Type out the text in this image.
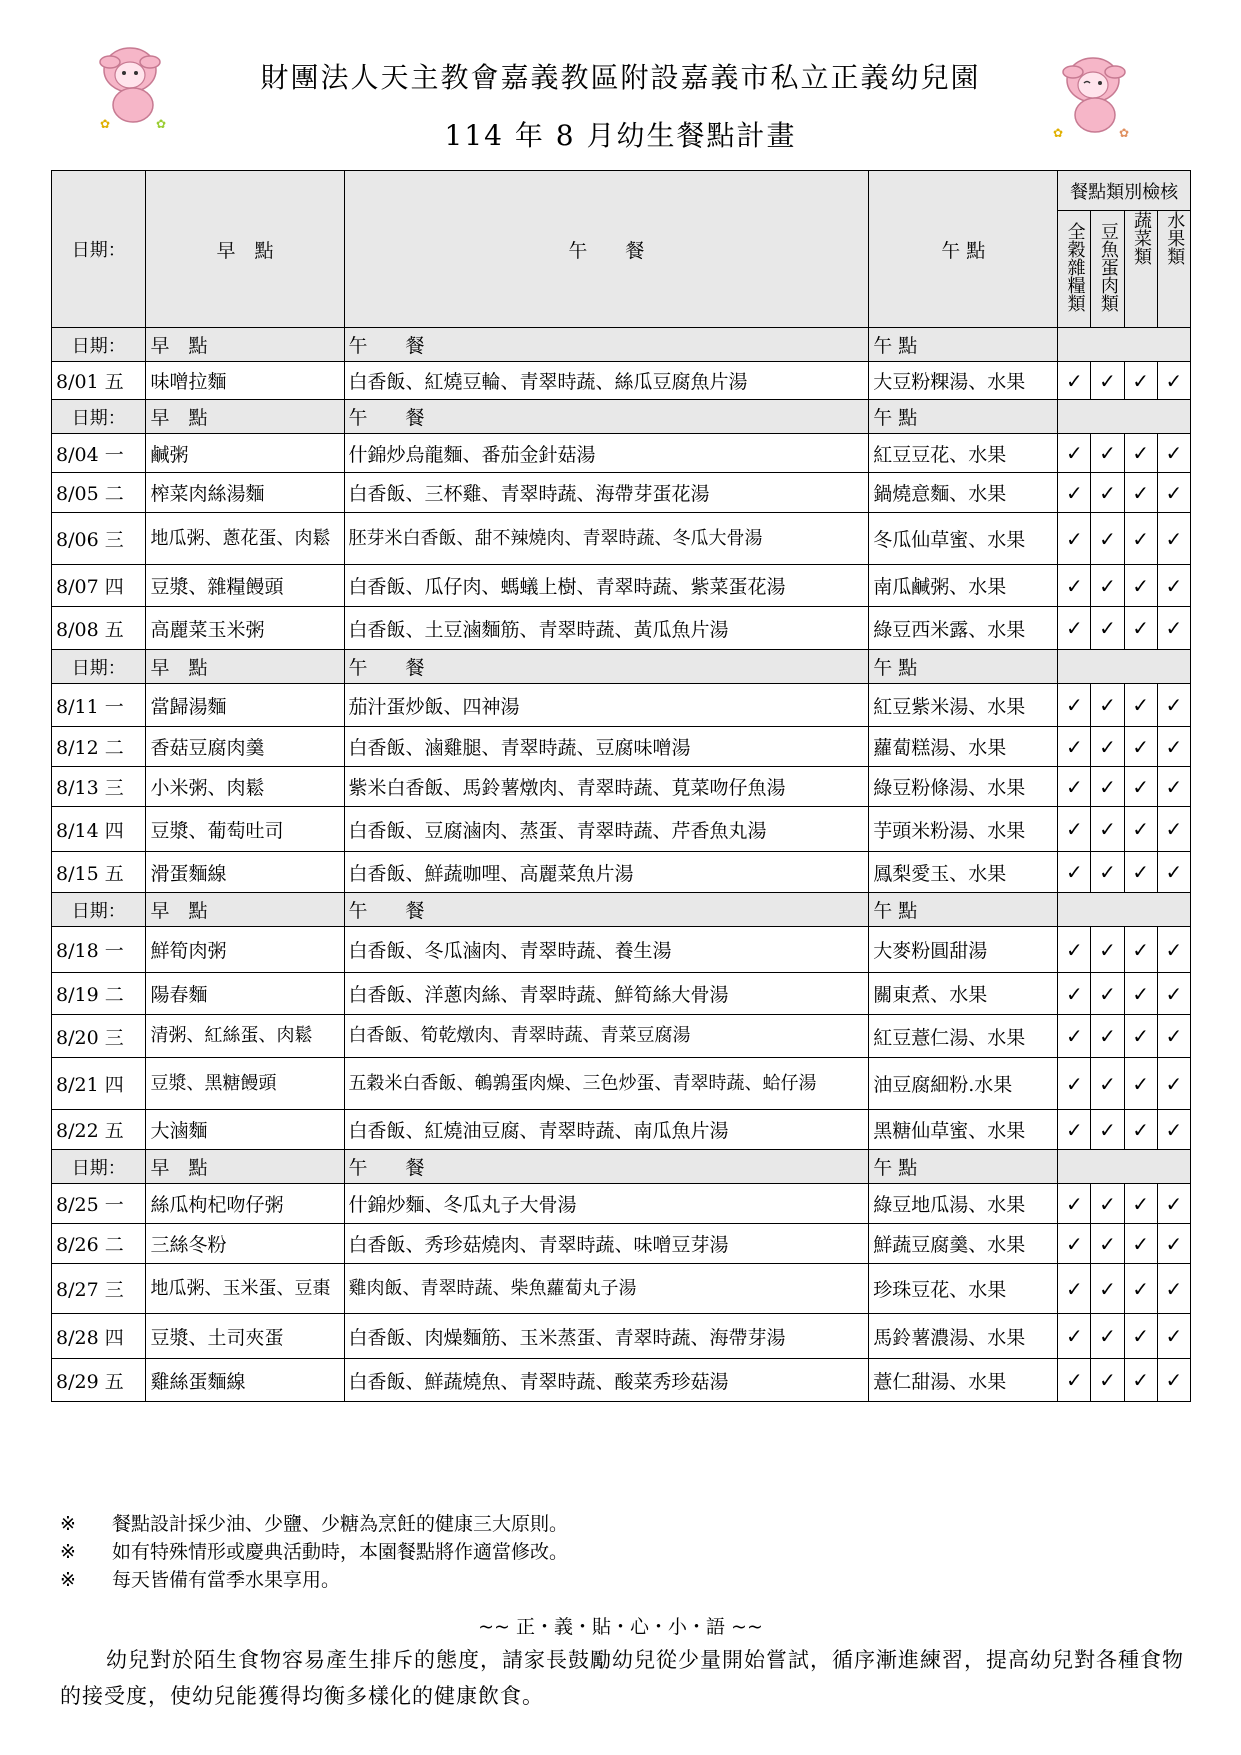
✿	✿
✿	✿
財團法人天主教會嘉義教區附設嘉義市私立正義幼兒園
114 年 8 月幼生餐點計畫
日期：	早　點	午　　餐	午 點	餐點類別檢核			
				全穀雜糧類	豆魚蛋肉類	蔬菜類	水果類
日期：	早　點	午　　餐	午 點				
8/01 五	味噌拉麵	白香飯、紅燒豆輪、青翠時蔬、絲瓜豆腐魚片湯	大豆粉粿湯、水果	✓	✓	✓	✓
日期：	早　點	午　　餐	午 點				
8/04 一	鹹粥	什錦炒烏龍麵、番茄金針菇湯	紅豆豆花、水果	✓	✓	✓	✓
8/05 二	榨菜肉絲湯麵	白香飯、三杯雞、青翠時蔬、海帶芽蛋花湯	鍋燒意麵、水果	✓	✓	✓	✓
8/06 三	地瓜粥、蔥花蛋、肉鬆	胚芽米白香飯、甜不辣燒肉、青翠時蔬、冬瓜大骨湯	冬瓜仙草蜜、水果	✓	✓	✓	✓
8/07 四	豆漿、雜糧饅頭	白香飯、瓜仔肉、螞蟻上樹、青翠時蔬、紫菜蛋花湯	南瓜鹹粥、水果	✓	✓	✓	✓
8/08 五	高麗菜玉米粥	白香飯、土豆滷麵筋、青翠時蔬、黃瓜魚片湯	綠豆西米露、水果	✓	✓	✓	✓
日期：	早　點	午　　餐	午 點				
8/11 一	當歸湯麵	茄汁蛋炒飯、四神湯	紅豆紫米湯、水果	✓	✓	✓	✓
8/12 二	香菇豆腐肉羹	白香飯、滷雞腿、青翠時蔬、豆腐味噌湯	蘿蔔糕湯、水果	✓	✓	✓	✓
8/13 三	小米粥、肉鬆	紫米白香飯、馬鈴薯燉肉、青翠時蔬、莧菜吻仔魚湯	綠豆粉條湯、水果	✓	✓	✓	✓
8/14 四	豆漿、葡萄吐司	白香飯、豆腐滷肉、蒸蛋、青翠時蔬、芹香魚丸湯	芋頭米粉湯、水果	✓	✓	✓	✓
8/15 五	滑蛋麵線	白香飯、鮮蔬咖哩、高麗菜魚片湯	鳳梨愛玉、水果	✓	✓	✓	✓
日期：	早　點	午　　餐	午 點				
8/18 一	鮮筍肉粥	白香飯、冬瓜滷肉、青翠時蔬、養生湯	大麥粉圓甜湯	✓	✓	✓	✓
8/19 二	陽春麵	白香飯、洋蔥肉絲、青翠時蔬、鮮筍絲大骨湯	關東煮、水果	✓	✓	✓	✓
8/20 三	清粥、紅絲蛋、肉鬆	白香飯、筍乾燉肉、青翠時蔬、青菜豆腐湯	紅豆薏仁湯、水果	✓	✓	✓	✓
8/21 四	豆漿、黑糖饅頭	五穀米白香飯、鵪鶉蛋肉燥、三色炒蛋、青翠時蔬、蛤仔湯	油豆腐細粉.水果	✓	✓	✓	✓
8/22 五	大滷麵	白香飯、紅燒油豆腐、青翠時蔬、南瓜魚片湯	黑糖仙草蜜、水果	✓	✓	✓	✓
日期：	早　點	午　　餐	午 點				
8/25 一	絲瓜枸杞吻仔粥	什錦炒麵、冬瓜丸子大骨湯	綠豆地瓜湯、水果	✓	✓	✓	✓
8/26 二	三絲冬粉	白香飯、秀珍菇燒肉、青翠時蔬、味噌豆芽湯	鮮蔬豆腐羹、水果	✓	✓	✓	✓
8/27 三	地瓜粥、玉米蛋、豆棗	雞肉飯、青翠時蔬、柴魚蘿蔔丸子湯	珍珠豆花、水果	✓	✓	✓	✓
8/28 四	豆漿、土司夾蛋	白香飯、肉燥麵筋、玉米蒸蛋、青翠時蔬、海帶芽湯	馬鈴薯濃湯、水果	✓	✓	✓	✓
8/29 五	雞絲蛋麵線	白香飯、鮮蔬燒魚、青翠時蔬、酸菜秀珍菇湯	薏仁甜湯、水果	✓	✓	✓	✓
※	餐點設計採少油、少鹽、少糖為烹飪的健康三大原則。
※	如有特殊情形或慶典活動時，本園餐點將作適當修改。
※	每天皆備有當季水果享用。
~~ 正・義・貼・心・小・語 ~~
幼兒對於陌生食物容易產生排斥的態度，請家長鼓勵幼兒從少量開始嘗試，循序漸進練習，提高幼兒對各種食物的接受度，使幼兒能獲得均衡多樣化的健康飲食。
